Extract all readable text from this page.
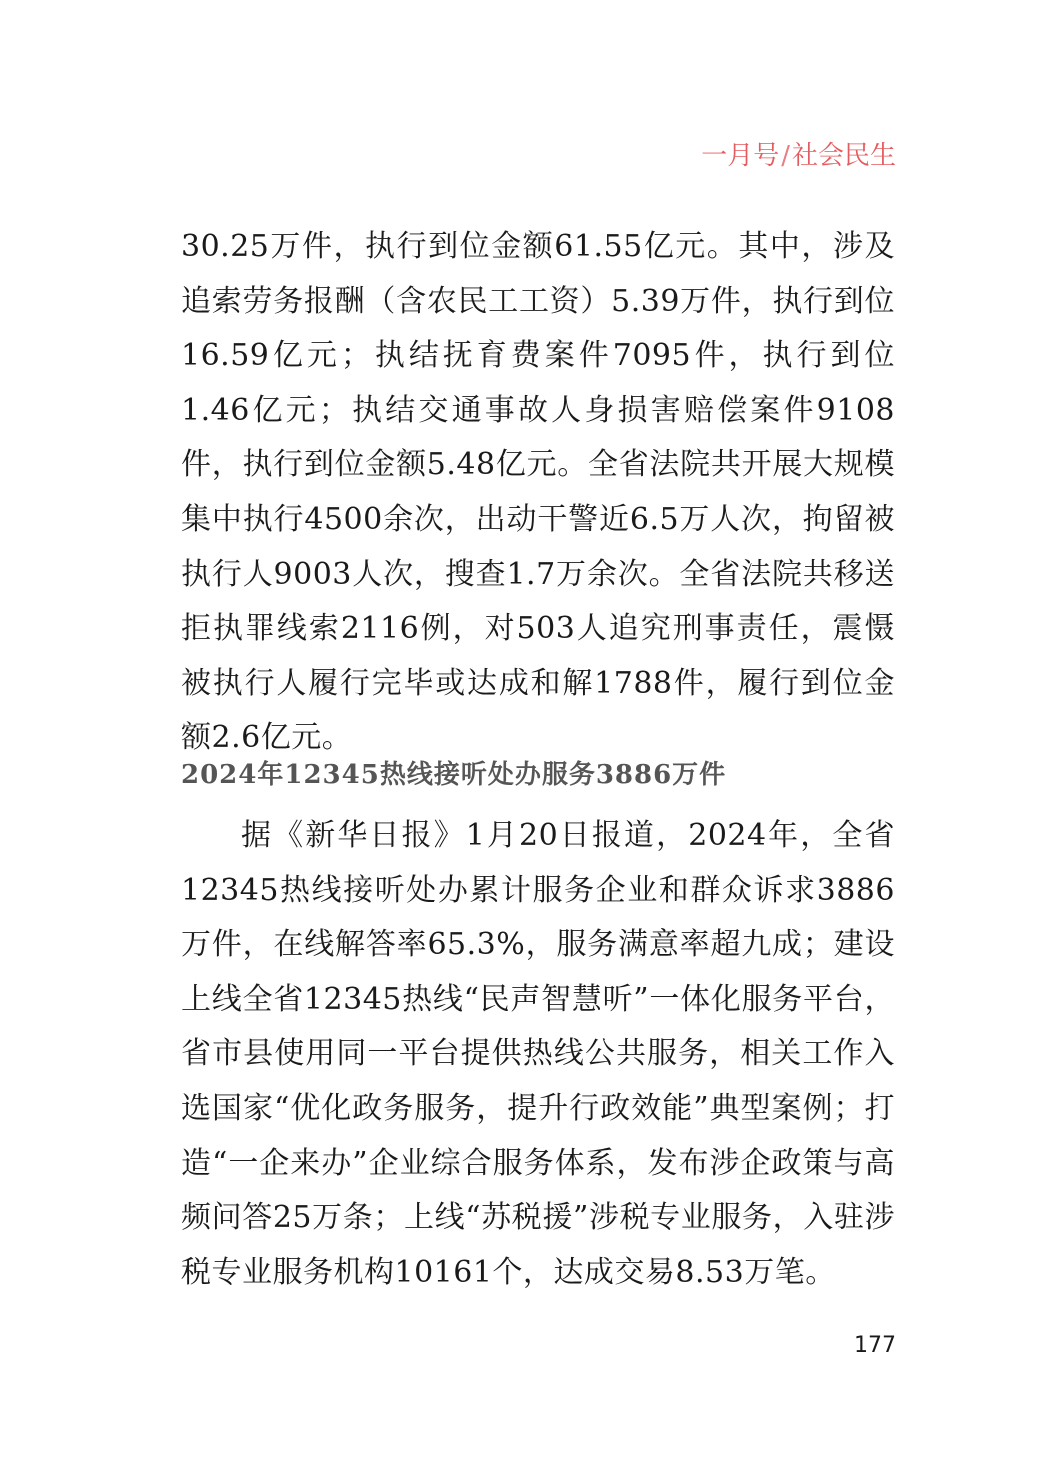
一月号/社会民生

30.25万件，执行到位金额61.55亿元。其中，涉及追索劳务报酬（含农民工工资）5.39万件，执行到位16.59亿元；执结抚育费案件7095件，执行到位1.46亿元；执结交通事故人身损害赔偿案件9108件，执行到位金额5.48亿元。全省法院共开展大规模集中执行4500余次，出动干警近6.5万人次，拘留被执行人9003人次，搜查1.7万余次。全省法院共移送拒执罪线索2116例，对503人追究刑事责任，震慑被执行人履行完毕或达成和解1788件，履行到位金额2.6亿元。

2024年12345热线接听处办服务3886万件

据《新华日报》1月20日报道，2024年，全省12345热线接听处办累计服务企业和群众诉求3886万件，在线解答率65.3%，服务满意率超九成；建设上线全省12345热线“民声智慧听”一体化服务平台，省市县使用同一平台提供热线公共服务，相关工作入选国家“优化政务服务，提升行政效能”典型案例；打造“一企来办”企业综合服务体系，发布涉企政策与高频问答25万条；上线“苏税援”涉税专业服务，入驻涉税专业服务机构10161个，达成交易8.53万笔。

177
